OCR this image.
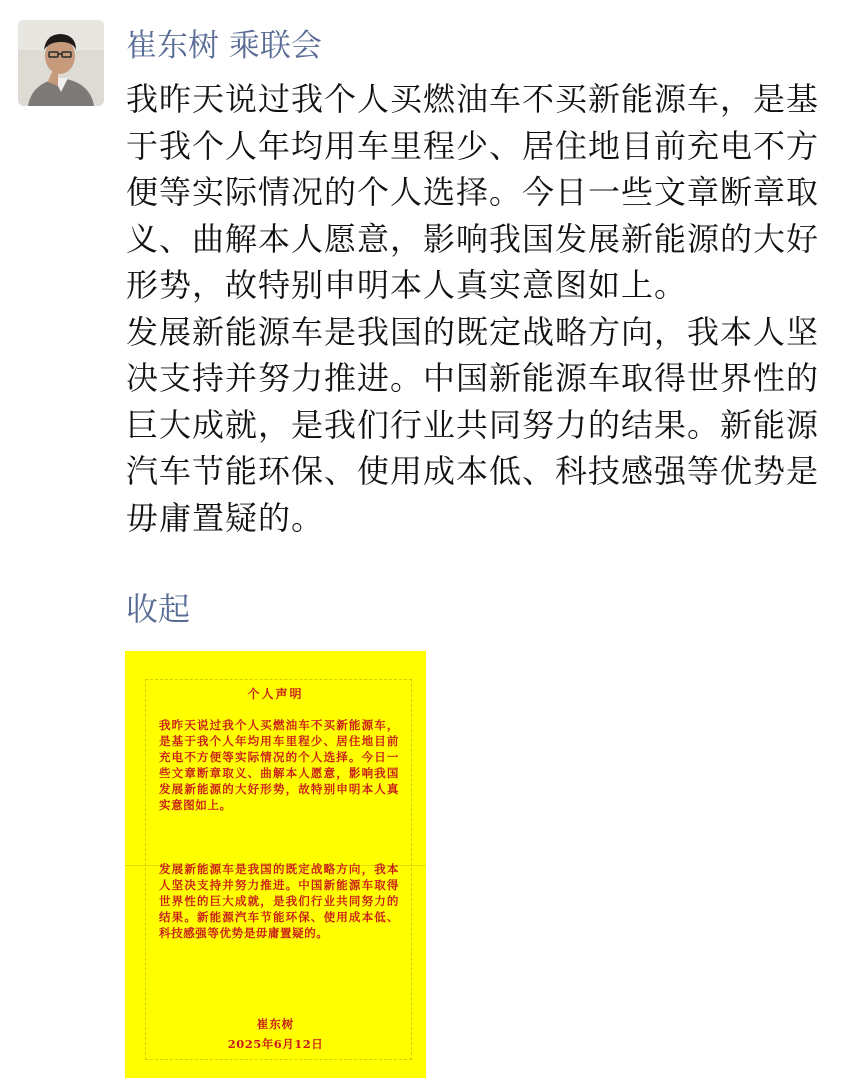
崔东树 乘联会

我昨天说过我个人买燃油车不买新能源车，是基于我个人年均用车里程少、居住地目前充电不方便等实际情况的个人选择。今日一些文章断章取义、曲解本人愿意，影响我国发展新能源的大好形势，故特别申明本人真实意图如上。

发展新能源车是我国的既定战略方向，我本人坚决支持并努力推进。中国新能源车取得世界性的巨大成就，是我们行业共同努力的结果。新能源汽车节能环保、使用成本低、科技感强等优势是毋庸置疑的。

收起
个人声明

我昨天说过我个人买燃油车不买新能源车，是基于我个人年均用车里程少、居住地目前充电不方便等实际情况的个人选择。今日一些文章断章取义、曲解本人愿意，影响我国发展新能源的大好形势，故特别申明本人真实意图如上。

发展新能源车是我国的既定战略方向，我本人坚决支持并努力推进。中国新能源车取得世界性的巨大成就，是我们行业共同努力的结果。新能源汽车节能环保、使用成本低、科技感强等优势是毋庸置疑的。

崔东树
2025年6月12日
